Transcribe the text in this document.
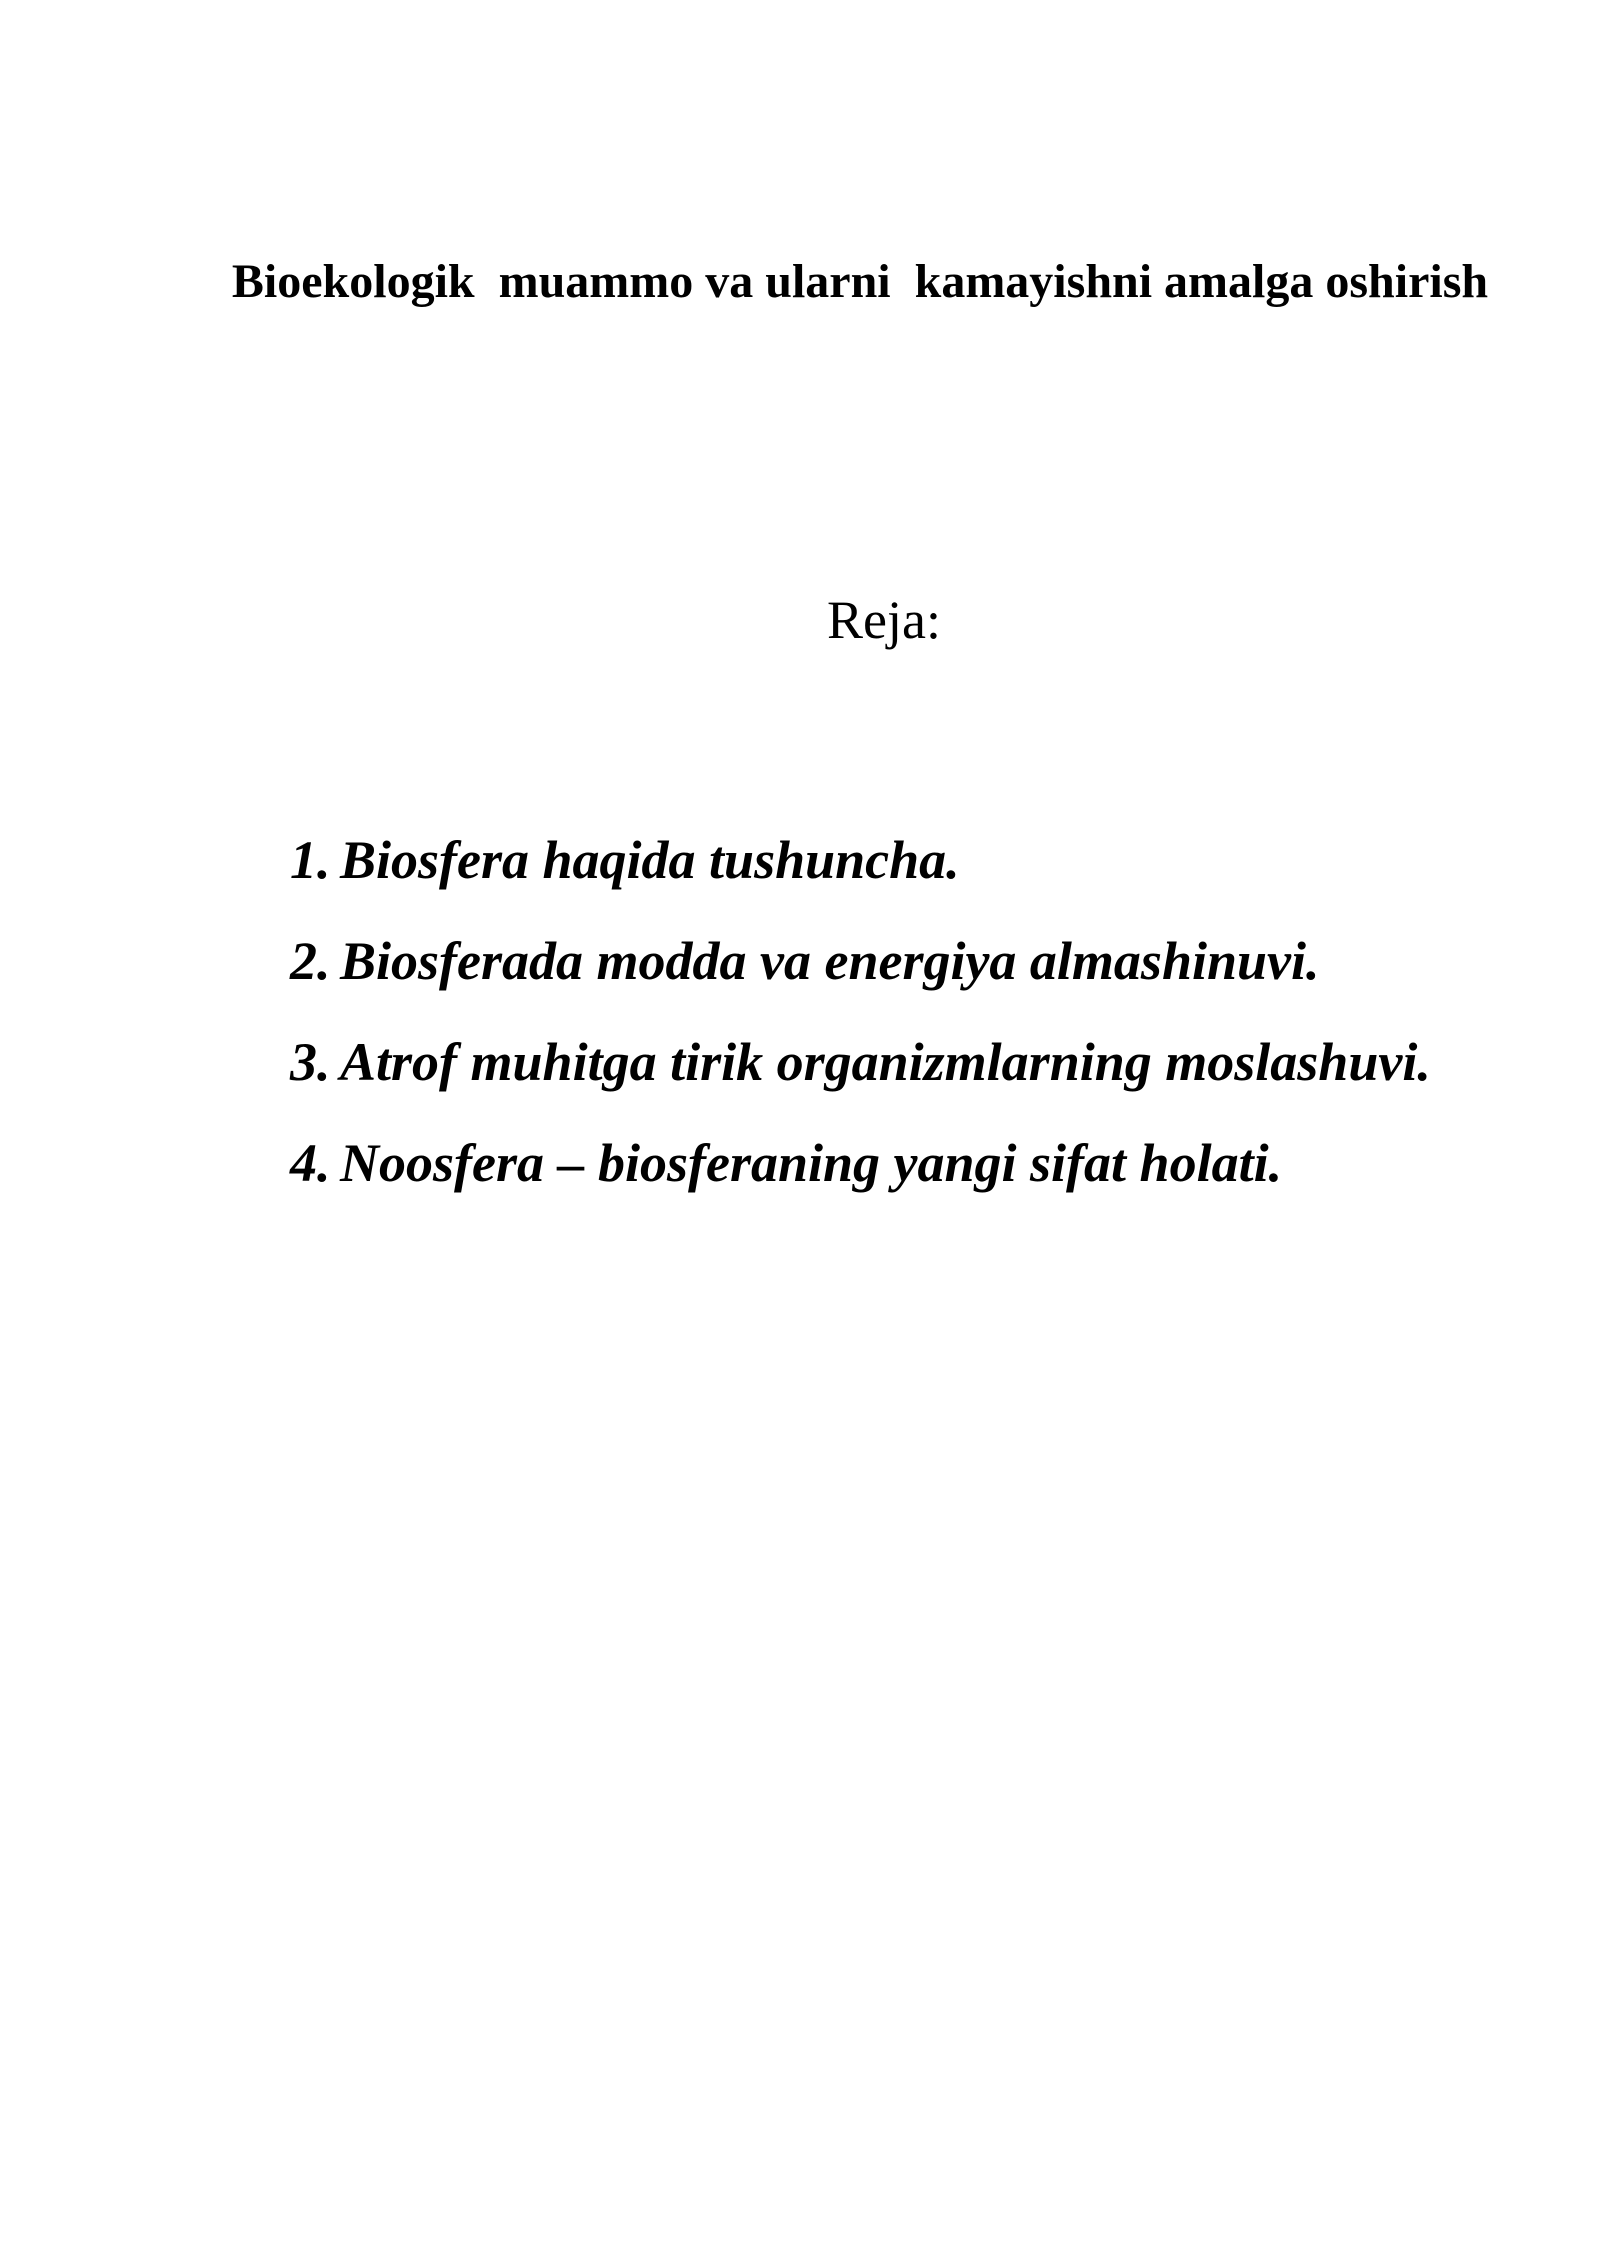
Bioekologik  muammo va ularni  kamayishni amalga oshirish

Reja:

1. Biosfera haqida tushuncha.
2. Biosferada modda va energiya almashinuvi.
3. Atrof muhitga tirik organizmlarning moslashuvi.
4. Noosfera – biosferaning yangi sifat holati.
